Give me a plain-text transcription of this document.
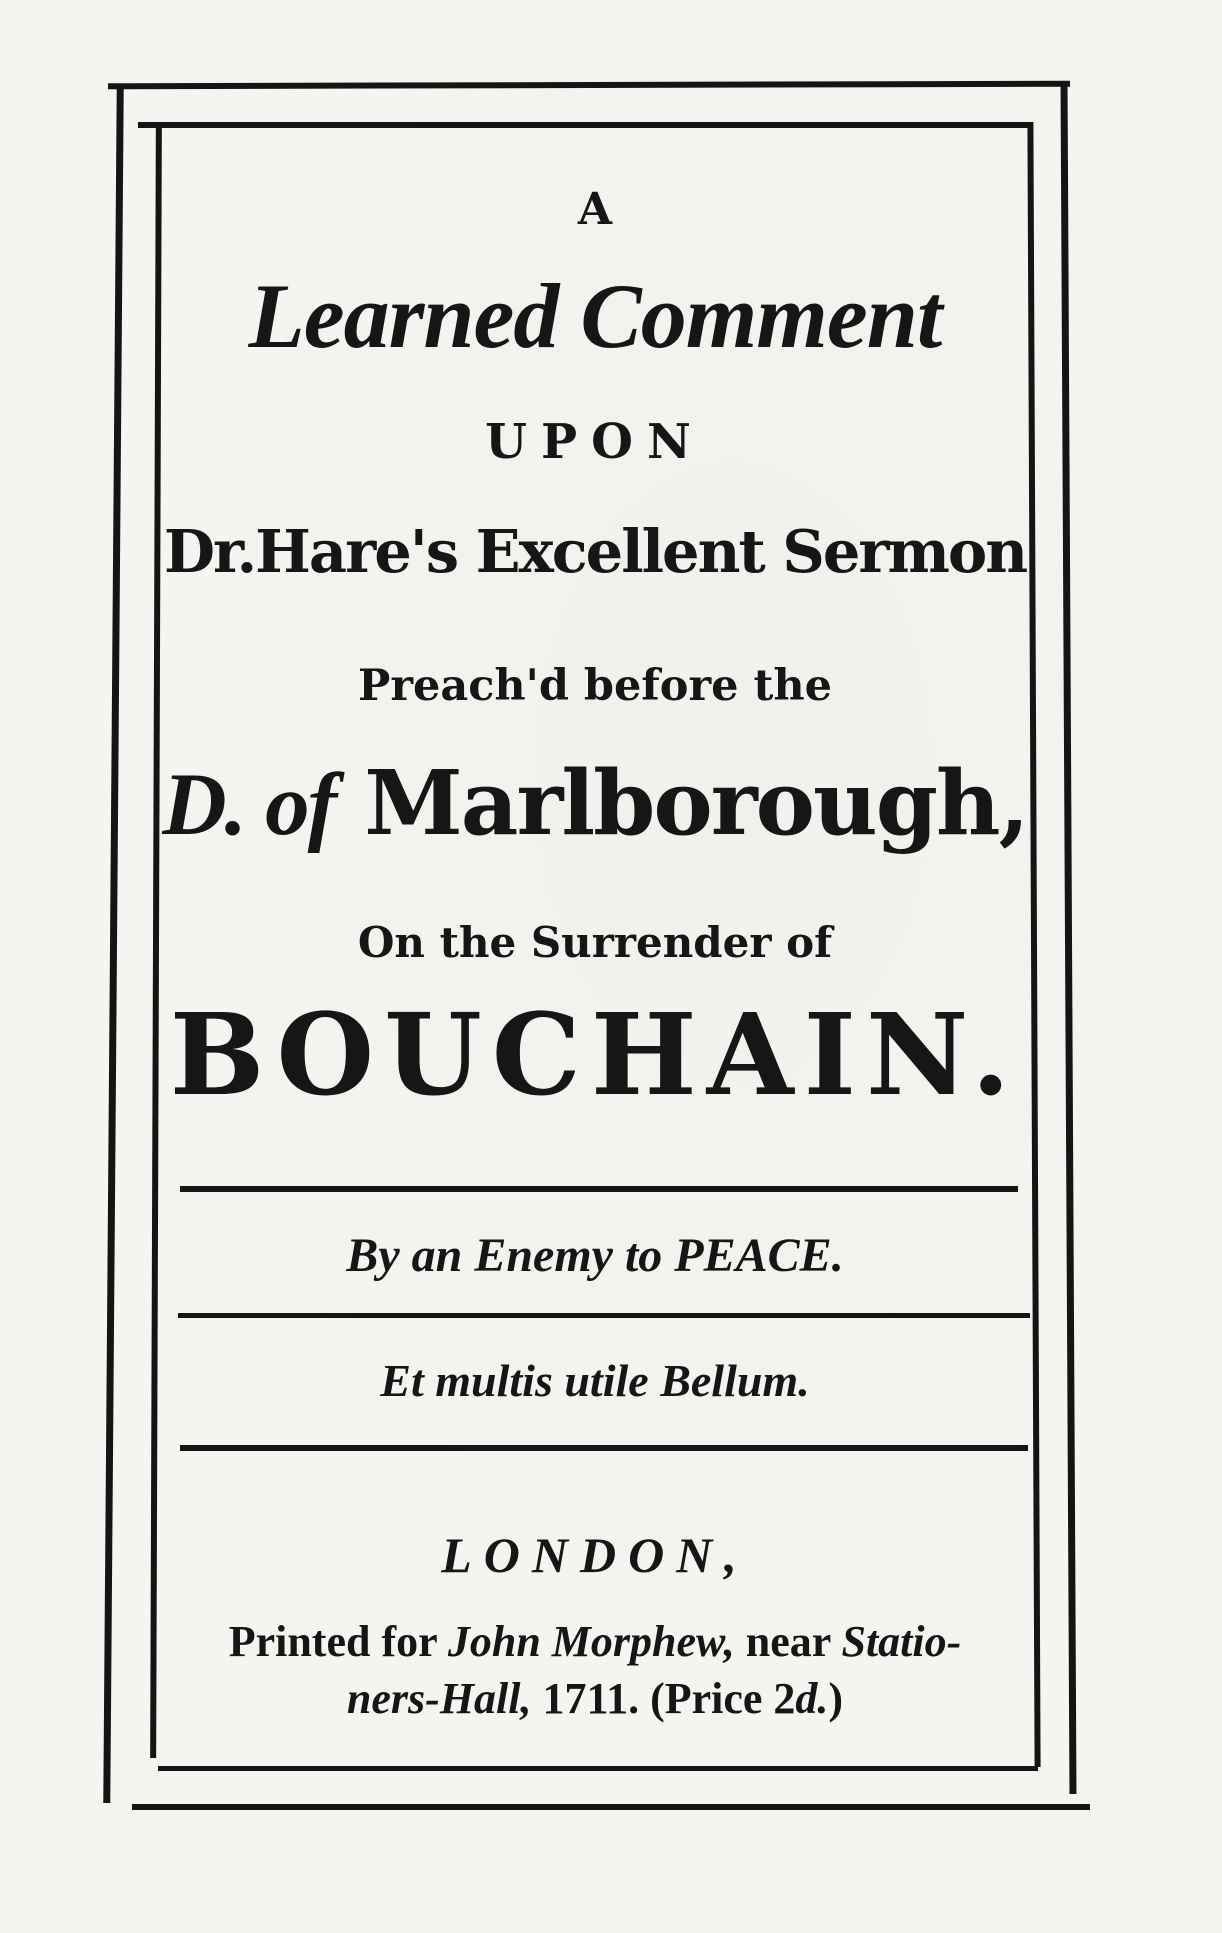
A
Learned Comment
UPON
Dr.Hare's Excellent Sermon
Preach'd before the
D. of Marlborough,
On the Surrender of
BOUCHAIN.
By an Enemy to PEACE.
Et multis utile Bellum.
LONDON,
Printed for John Morphew, near Statio-
ners-Hall, 1711. (Price 2d.)
